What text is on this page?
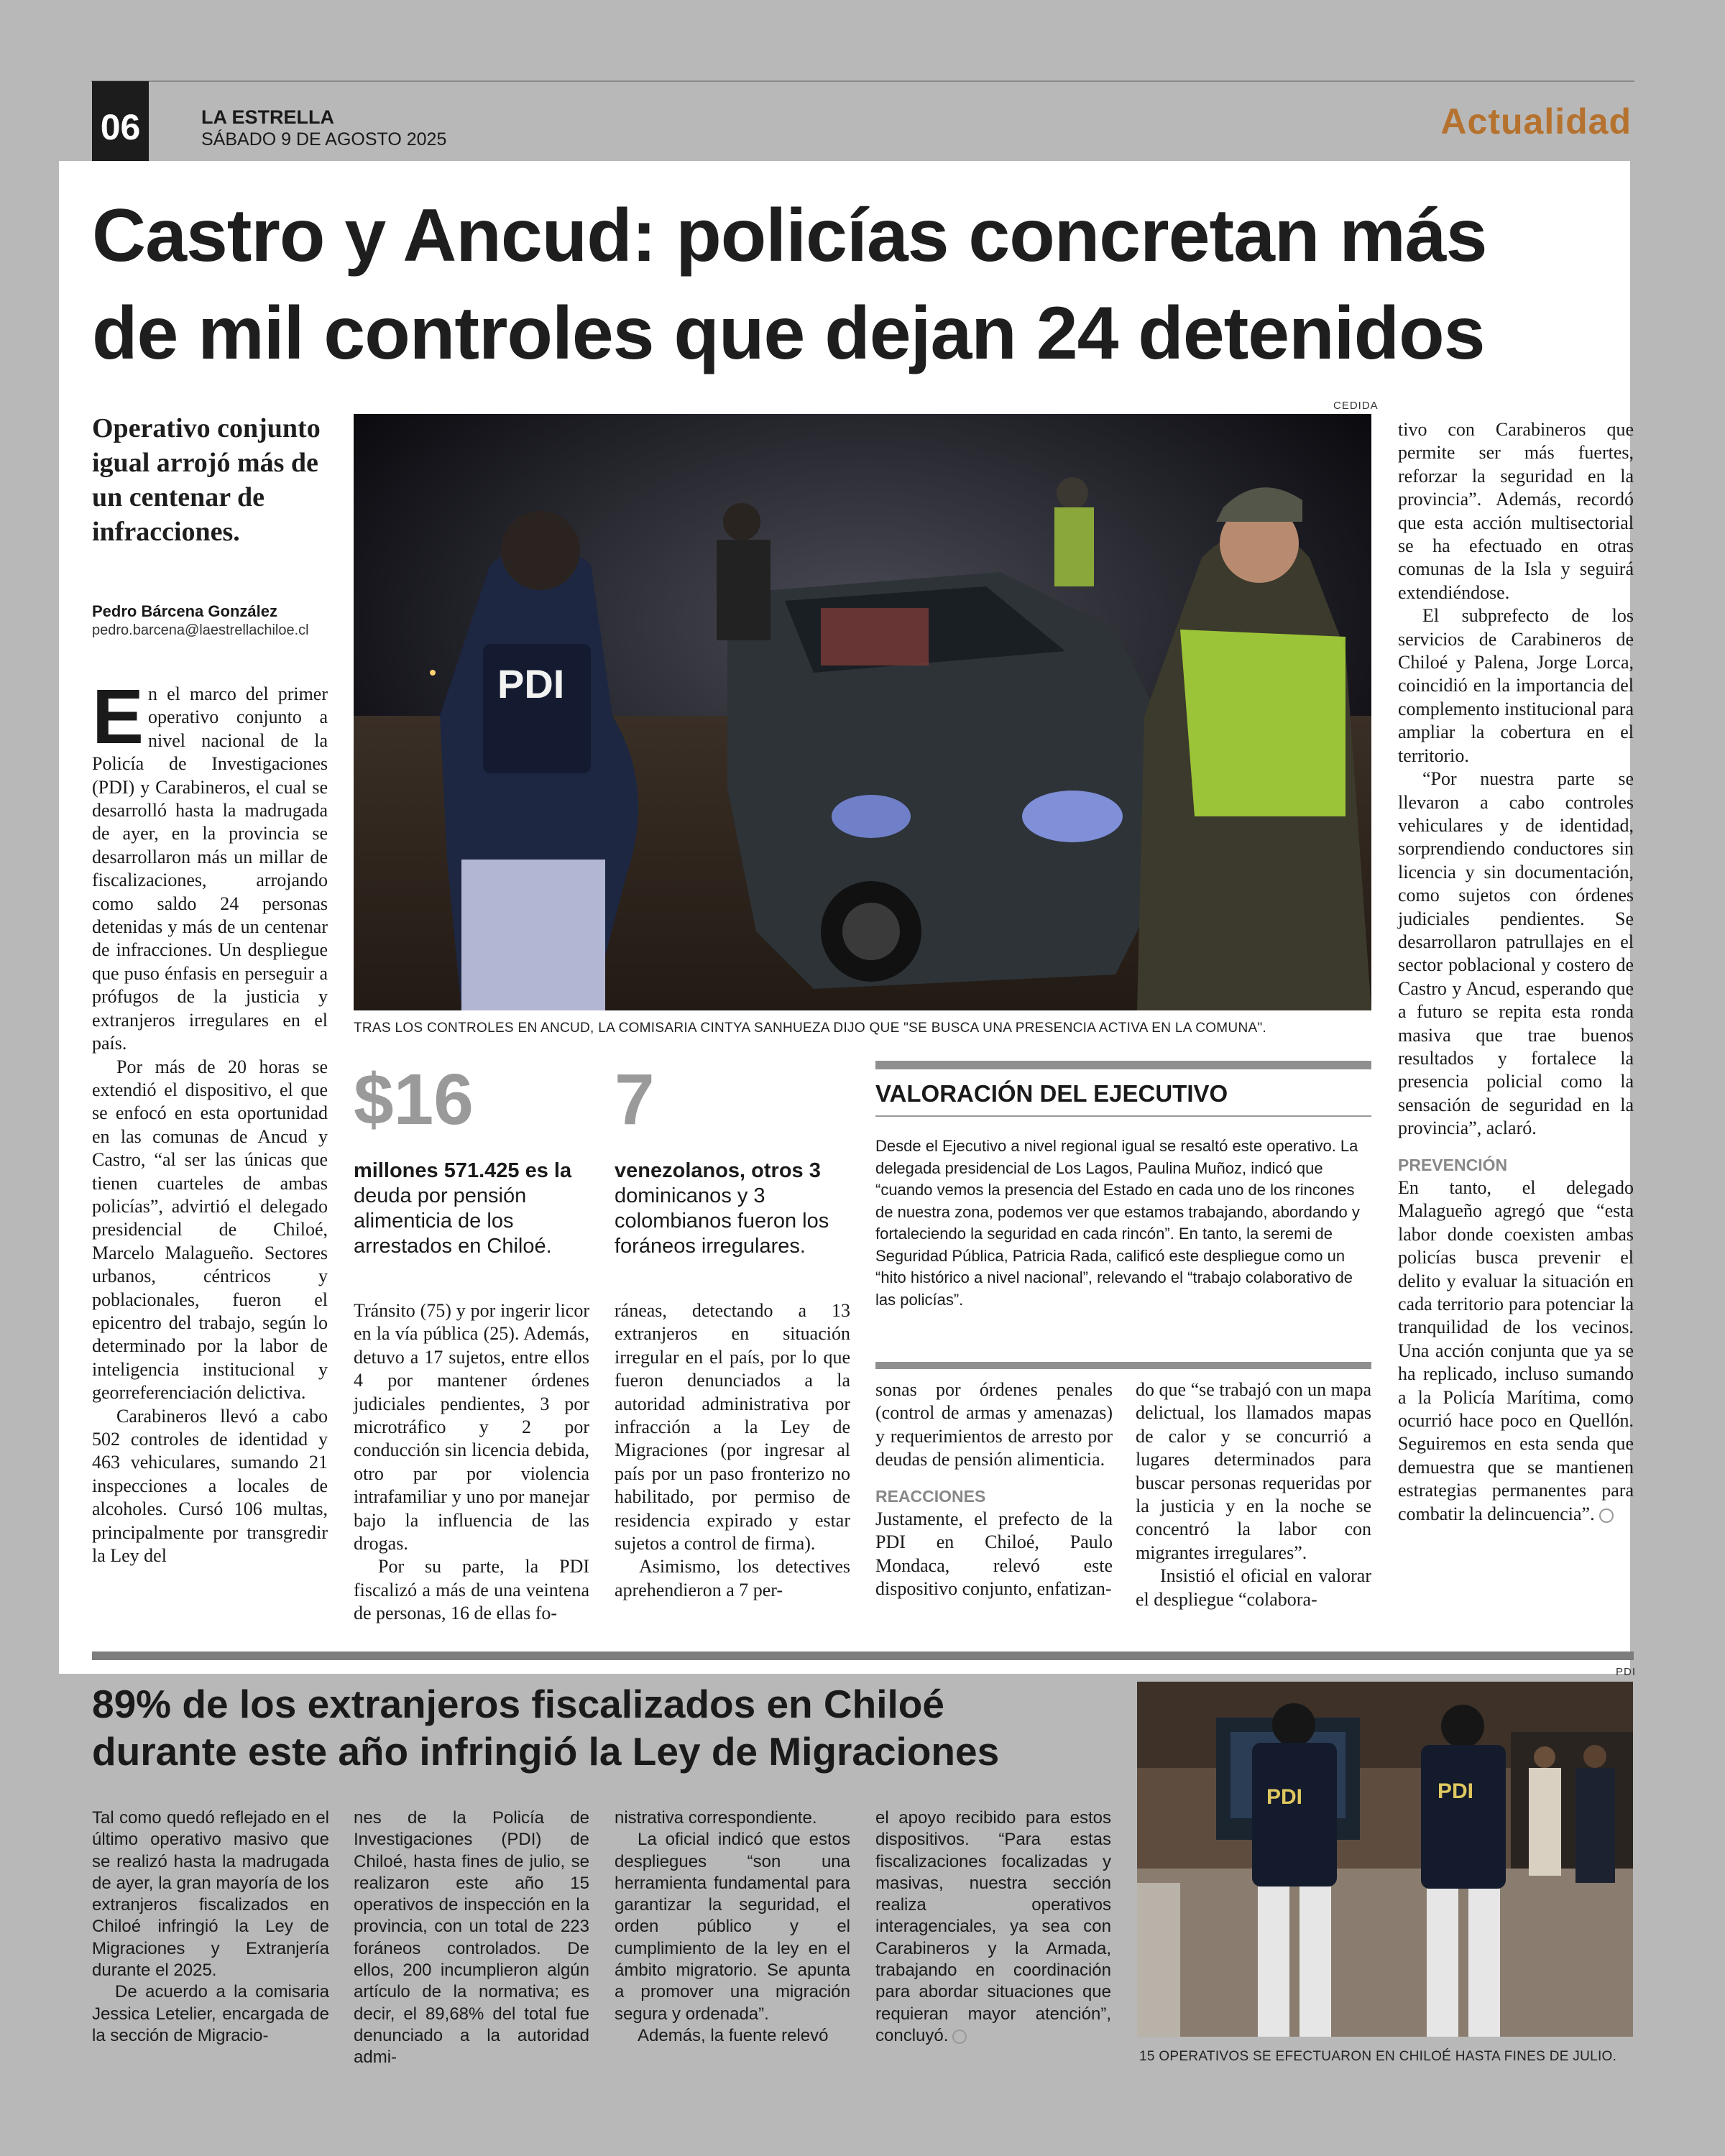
06	LA ESTRELLA
SÁBADO 9 DE AGOSTO 2025	Actualidad
Castro y Ancud: policías concretan más
de mil controles que dejan 24 detenidos
Operativo conjunto igual arrojó más de un centenar de infracciones.
Pedro Bárcena González
pedro.barcena@laestrellachiloe.cl

En el marco del primer operativo conjunto a nivel nacional de la Policía de Investigaciones (PDI) y Carabineros, el cual se desarrolló hasta la madrugada de ayer, en la provincia se desarrollaron más un millar de fiscalizaciones, arrojando como saldo 24 personas detenidas y más de un centenar de infracciones. Un despliegue que puso énfasis en perseguir a prófugos de la justicia y extranjeros irregulares en el país.

Por más de 20 horas se extendió el dispositivo, el que se enfocó en esta oportunidad en las comunas de Ancud y Castro, “al ser las únicas que tienen cuarteles de ambas policías”, advirtió el delegado presidencial de Chiloé, Marcelo Malagueño. Sectores urbanos, céntricos y poblacionales, fueron el epicentro del trabajo, según lo determinado por la labor de inteligencia institucional y georreferenciación delictiva.

Carabineros llevó a cabo 502 controles de identidad y 463 vehiculares, sumando 21 inspecciones a locales de alcoholes. Cursó 106 multas, principalmente por transgredir la Ley del

CEDIDA
PDI
TRAS LOS CONTROLES EN ANCUD, LA COMISARIA CINTYA SANHUEZA DIJO QUE "SE BUSCA UNA PRESENCIA ACTIVA EN LA COMUNA".
$16
millones 571.425 es la
deuda por pensión alimenticia de los arrestados en Chiloé.
7
venezolanos, otros 3
dominicanos y 3 colombianos fueron los foráneos irregulares.
VALORACIÓN DEL EJECUTIVO
Desde el Ejecutivo a nivel regional igual se resaltó este operativo. La delegada presidencial de Los Lagos, Paulina Muñoz, indicó que “cuando vemos la presencia del Estado en cada uno de los rincones de nuestra zona, podemos ver que estamos trabajando, abordando y fortaleciendo la seguridad en cada rincón”. En tanto, la seremi de Seguridad Pública, Patricia Rada, calificó este despliegue como un “hito histórico a nivel nacional”, relevando el “trabajo colaborativo de las policías”.

Tránsito (75) y por ingerir licor en la vía pública (25). Además, detuvo a 17 sujetos, entre ellos 4 por mantener órdenes judiciales pendientes, 3 por microtráfico y 2 por conducción sin licencia debida, otro par por violencia intrafamiliar y uno por manejar bajo la influencia de las drogas.

Por su parte, la PDI fiscalizó a más de una veintena de personas, 16 de ellas fo-

ráneas, detectando a 13 extranjeros en situación irregular en el país, por lo que fueron denunciados a la autoridad administrativa por infracción a la Ley de Migraciones (por ingresar al país por un paso fronterizo no habilitado, por permiso de residencia expirado y estar sujetos a control de firma).

Asimismo, los detectives aprehendieron a 7 per-

sonas por órdenes penales (control de armas y amenazas) y requerimientos de arresto por deudas de pensión alimenticia.

REACCIONES

Justamente, el prefecto de la PDI en Chiloé, Paulo Mondaca, relevó este dispositivo conjunto, enfatizan-

do que “se trabajó con un mapa delictual, los llamados mapas de calor y se concurrió a lugares determinados para buscar personas requeridas por la justicia y en la noche se concentró la labor con migrantes irregulares”.

Insistió el oficial en valorar el despliegue “colabora-

tivo con Carabineros que permite ser más fuertes, reforzar la seguridad en la provincia”. Además, recordó que esta acción multisectorial se ha efectuado en otras comunas de la Isla y seguirá extendiéndose.

El subprefecto de los servicios de Carabineros de Chiloé y Palena, Jorge Lorca, coincidió en la importancia del complemento institucional para ampliar la cobertura en el territorio.

“Por nuestra parte se llevaron a cabo controles vehiculares y de identidad, sorprendiendo conductores sin licencia y sin documentación, como sujetos con órdenes judiciales pendientes. Se desarrollaron patrullajes en el sector poblacional y costero de Castro y Ancud, esperando que a futuro se repita esta ronda masiva que trae buenos resultados y fortalece la presencia policial como la sensación de seguridad en la provincia”, aclaró.

PREVENCIÓN

En tanto, el delegado Malagueño agregó que “esta labor donde coexisten ambas policías busca prevenir el delito y evaluar la situación en cada territorio para potenciar la tranquilidad de los vecinos. Una acción conjunta que ya se ha replicado, incluso sumando a la Policía Marítima, como ocurrió hace poco en Quellón. Seguiremos en esta senda que demuestra que se mantienen estrategias permanentes para combatir la delincuencia”.

89% de los extranjeros fiscalizados en Chiloé
durante este año infringió la Ley de Migraciones

Tal como quedó reflejado en el último operativo masivo que se realizó hasta la madrugada de ayer, la gran mayoría de los extranjeros fiscalizados en Chiloé infringió la Ley de Migraciones y Extranjería durante el 2025.

De acuerdo a la comisaria Jessica Letelier, encargada de la sección de Migracio-

nes de la Policía de Investigaciones (PDI) de Chiloé, hasta fines de julio, se realizaron este año 15 operativos de inspección en la provincia, con un total de 223 foráneos controlados. De ellos, 200 incumplieron algún artículo de la normativa; es decir, el 89,68% del total fue denunciado a la autoridad admi-

nistrativa correspondiente.

La oficial indicó que estos despliegues “son una herramienta fundamental para garantizar la seguridad, el orden público y el cumplimiento de la ley en el ámbito migratorio. Se apunta a promover una migración segura y ordenada”.

Además, la fuente relevó

el apoyo recibido para estos dispositivos. “Para estas fiscalizaciones focalizadas y masivas, nuestra sección realiza operativos interagenciales, ya sea con Carabineros y la Armada, trabajando en coordinación para abordar situaciones que requieran mayor atención”, concluyó.

PDI
PDI	PDI
15 OPERATIVOS SE EFECTUARON EN CHILOÉ HASTA FINES DE JULIO.
